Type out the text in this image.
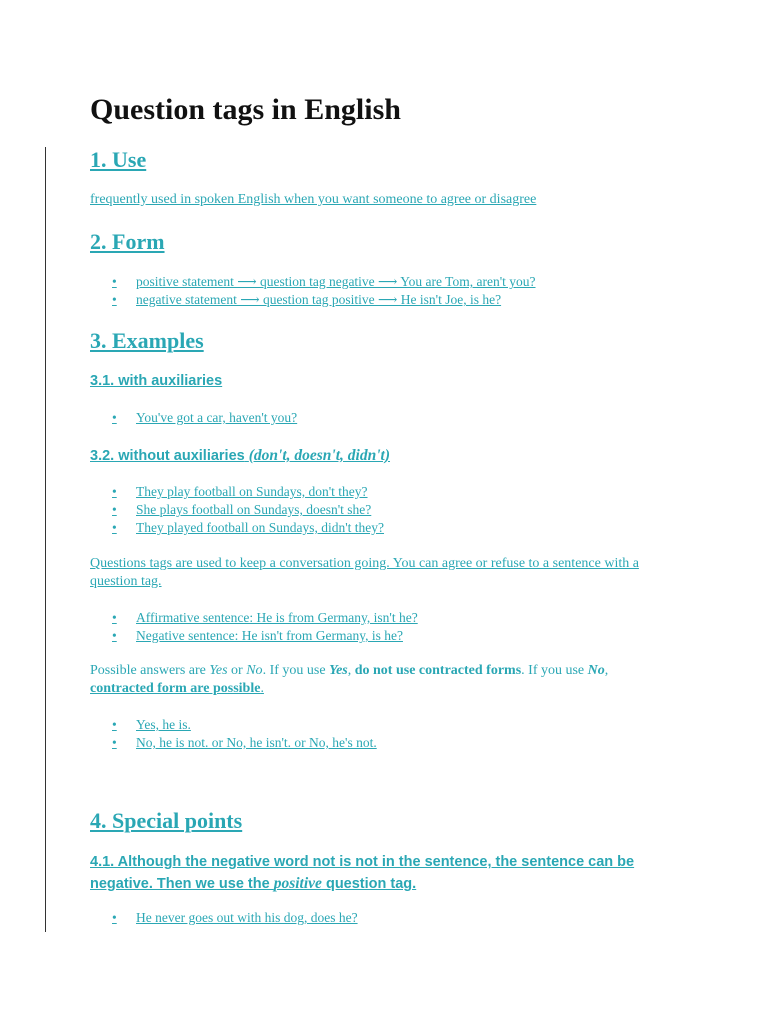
Question tags in English
1. Use

frequently used in spoken English when you want someone to agree or disagree

2. Form
• positive statement ⟶ question tag negative ⟶ You are Tom, aren't you?
• negative statement ⟶ question tag positive ⟶ He isn't Joe, is he?
3. Examples
3.1. with auxiliaries
• You've got a car, haven't you?
3.2. without auxiliaries (don't, doesn't, didn't)
• They play football on Sundays, don't they?
• She plays football on Sundays, doesn't she?
• They played football on Sundays, didn't they?

Questions tags are used to keep a conversation going. You can agree or refuse to a sentence with a question tag.

• Affirmative sentence: He is from Germany, isn't he?
• Negative sentence: He isn't from Germany, is he?

Possible answers are Yes or No. If you use Yes, do not use contracted forms. If you use No, contracted form are possible.

• Yes, he is.
• No, he is not. or No, he isn't. or No, he's not.
4. Special points
4.1. Although the negative word not is not in the sentence, the sentence can be negative. Then we use the positive question tag.
• He never goes out with his dog, does he?
